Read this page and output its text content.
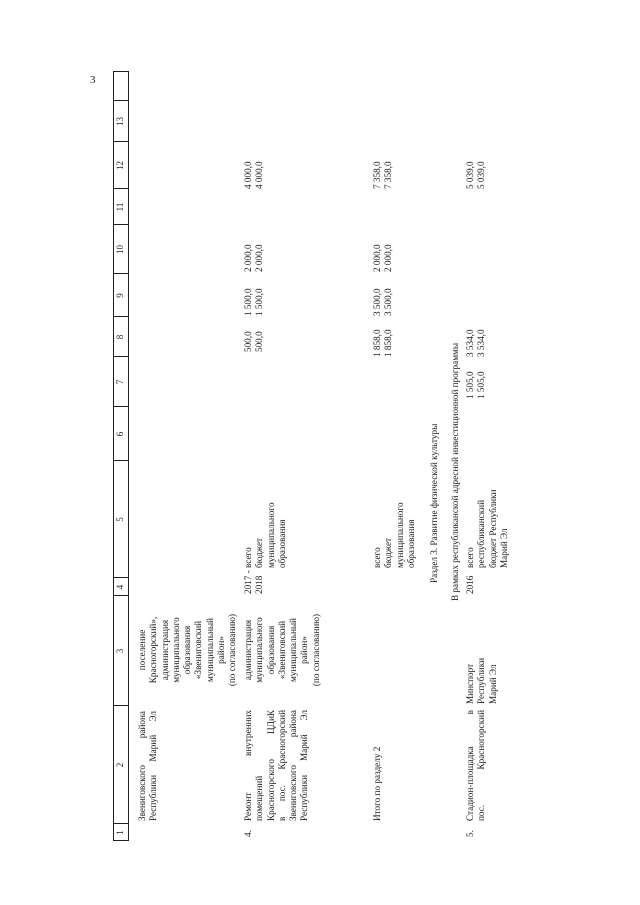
3
1
2
3
4
5
6
7
8
9
10
11
12
13
Звениговского района Республики Марий Эл
поселение Красногорский», администрация муниципального образования «Звениговский муниципальный район» (по согласованию)
4.
Ремонт внутренних помещений Красногорского ЦДиК в пос. Красногорский Звениговского района Республики Марий Эл
администрация муниципального образования «Звениговский муниципальный район» (по согласованию)
2017 - 2018
всего бюджет муниципального образования
500,0
1 500,0
2 000,0
4 000,0
500,0
1 500,0
2 000,0
4 000,0
Итого по разделу 2
всего бюджет муниципального образования
1 858,0
3 500,0
2 000,0
7 358,0
1 858,0
3 500,0
2 000,0
7 358,0
Раздел 3. Развитие физической культуры В рамках республиканской адресной инвестиционной программы
5.
Стадион-площадка в пос. Красногорский
Минспорт Республики Марий Эл
2016
всего республиканский бюджет Республики Марий Эл
1 505,0
3 534,0
5 039,0
1 505,0
3 534,0
5 039,0
